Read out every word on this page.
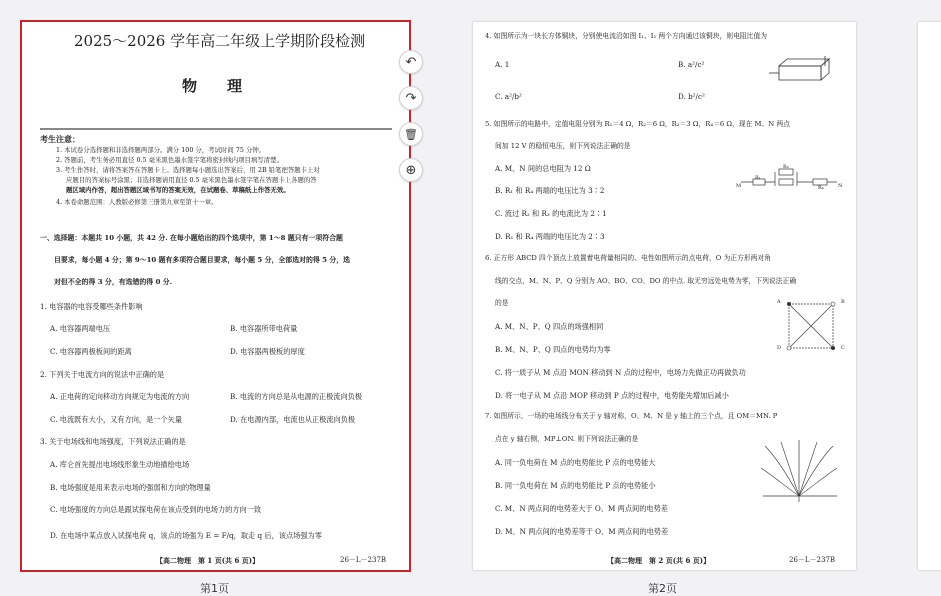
2025～2026 学年高二年级上学期阶段检测
物　　理
考生注意：
1. 本试卷分选择题和非选择题两部分。满分 100 分，考试时间 75 分钟。
2. 答题前，考生务必用直径 0.5 毫米黑色墨水签字笔将密封线内项目填写清楚。
3. 考生作答时，请将答案答在答题卡上。选择题每小题选出答案后，用 2B 铅笔把答题卡上对
应题目的答案标号涂黑；非选择题请用直径 0.5 毫米黑色墨水签字笔在答题卡上各题的答
题区域内作答，超出答题区域书写的答案无效，在试题卷、草稿纸上作答无效。
4. 本卷命题范围：人教版必修第三册第九章至第十一章。
一、选择题：本题共 10 小题，共 42 分. 在每小题给出的四个选项中，第 1～8 题只有一项符合题
目要求，每小题 4 分；第 9～10 题有多项符合题目要求，每小题 5 分，全部选对的得 5 分，选
对但不全的得 3 分，有选错的得 0 分.
1. 电容器的电容受哪些条件影响
A. 电容器两端电压	B. 电容器所带电荷量
C. 电容器两极板间的距离	D. 电容器两极板的厚度
2. 下列关于电流方向的说法中正确的是
A. 正电荷的定向移动方向规定为电流的方向	B. 电流的方向总是从电源的正极流向负极
C. 电流既有大小，又有方向，是一个矢量	D. 在电源内部，电流也从正极流向负极
3. 关于电场线和电场强度，下列说法正确的是
A. 库仑首先提出电场线形象生动地描绘电场
B. 电场强度是用来表示电场的强弱和方向的物理量
C. 电场强度的方向总是跟试探电荷在该点受到的电场力的方向一致
D. 在电场中某点放入试探电荷 q，该点的场强为 E = F/q，取走 q 后，该点场强为零
【高二物理　第 1 页(共 6 页)】	26－L－237B
↶
↷
🗑
⊕
第1页
4. 如图所示为一块长方体铜块，分别使电流沿如图 I₁、I₂ 两个方向通过该铜块，则电阻比值为
A. 1	B. a²/c²
C. a²/b²	D. b²/c²
5. 如图所示的电路中，定值电阻分别为 R₁＝4 Ω，R₂＝6 Ω，R₃＝3 Ω，R₄＝6 Ω，现在 M、N 两点
间加 12 V 的稳恒电压，则下列说法正确的是
A. M、N 间的总电阻为 12 Ω
B. R₁ 和 R₄ 两端的电压比为 3∶2
C. 流过 R₂ 和 R₃ 的电流比为 2∶1
D. R₁ 和 R₄ 两端的电压比为 2∶3
M
R₁
R₂
R₄	N
6. 正方形 ABCD 四个顶点上放置着电荷量相同的、电性如图所示的点电荷，O 为正方形两对角
线的交点，M、N、P、Q 分别为 AO、BO、CO、DO 的中点. 取无穷远处电势为零，下列说法正确
的是
A. M、N、P、Q 四点的场强相同
B. M、N、P、Q 四点的电势均为零
C. 将一质子从 M 点沿 MON 移动到 N 点的过程中，电场力先做正功再做负功
D. 将一电子从 M 点沿 MOP 移动到 P 点的过程中，电势能先增加后减小
A	B
D	C
7. 如图所示，一场的电场线分布关于 y 轴对称，O、M、N 是 y 轴上的三个点，且 OM＝MN. P
点在 y 轴右侧，MP⊥ON. 则下列说法正确的是
A. 同一负电荷在 M 点的电势能比 P 点的电势能大
B. 同一负电荷在 M 点的电势能比 P 点的电势能小
C. M、N 两点间的电势差大于 O、M 两点间的电势差
D. M、N 两点间的电势差等于 O、M 两点间的电势差
【高二物理　第 2 页(共 6 页)】	26－L－237B
第2页
